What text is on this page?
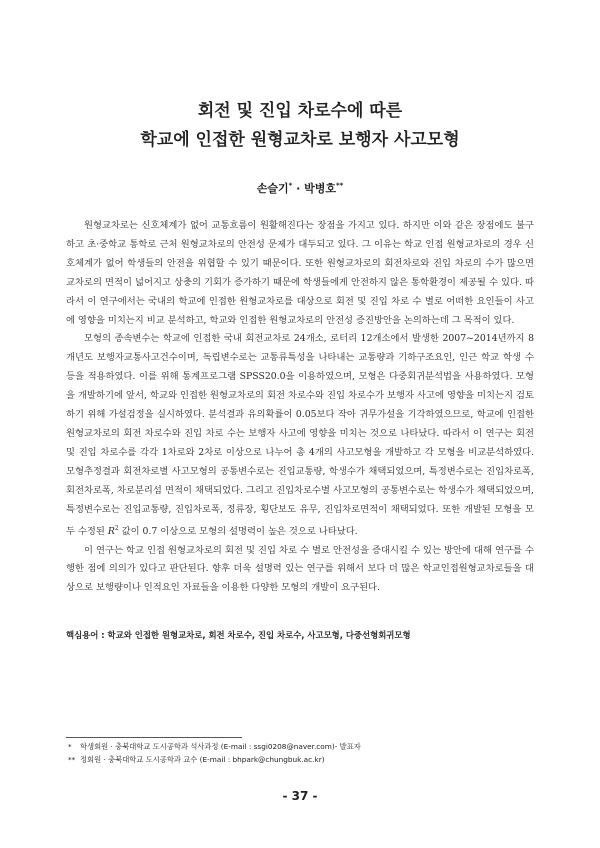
회전 및 진입 차로수에 따른
학교에 인접한 원형교차로 보행자 사고모형
손슬기* · 박병호**

원형교차로는 신호체계가 없어 교통흐름이 원활해진다는 장점을 가지고 있다. 하지만 이와 같은 장점에도 불구하고 초·중학교 통학로 근처 원형교차로의 안전성 문제가 대두되고 있다. 그 이유는 학교 인접 원형교차로의 경우 신호체계가 없어 학생들의 안전을 위협할 수 있기 때문이다. 또한 원형교차로의 회전차로와 진입 차로의 수가 많으면 교차로의 면적이 넓어지고 상충의 기회가 증가하기 때문에 학생들에게 안전하지 않은 통학환경이 제공될 수 있다. 따라서 이 연구에서는 국내의 학교에 인접한 원형교차로를 대상으로 회전 및 진입 차로 수 별로 어떠한 요인들이 사고에 영향을 미치는지 비교 분석하고, 학교와 인접한 원형교차로의 안전성 증진방안을 논의하는데 그 목적이 있다.

모형의 종속변수는 학교에 인접한 국내 회전교차로 24개소, 로터리 12개소에서 발생한 2007~2014년까지 8개년도 보행자교통사고건수이며, 독립변수로는 교통류특성을 나타내는 교통량과 기하구조요인, 인근 학교 학생 수 등을 적용하였다. 이를 위해 통계프로그램 SPSS20.0을 이용하였으며, 모형은 다중회귀분석법을 사용하였다. 모형을 개발하기에 앞서, 학교와 인접한 원형교차로의 회전 차로수와 진입 차로수가 보행자 사고에 영향을 미치는지 검토하기 위해 가설검정을 실시하였다. 분석결과 유의확률이 0.05보다 작아 귀무가설을 기각하였으므로, 학교에 인접한 원형교차로의 회전 차로수와 진입 차로 수는 보행자 사고에 영향을 미치는 것으로 나타났다. 따라서 이 연구는 회전 및 진입 차로수를 각각 1차로와 2차로 이상으로 나누어 총 4개의 사고모형을 개발하고 각 모형을 비교분석하였다. 모형추정결과 회전차로별 사고모형의 공통변수로는 진입교통량, 학생수가 채택되었으며, 특정변수로는 진입차로폭, 회전차로폭, 차로분리섬 면적이 채택되었다. 그리고 진입차로수별 사고모형의 공통변수로는 학생수가 채택되었으며, 특정변수로는 진입교통량, 진입차로폭, 정류장, 횡단보도 유무, 진입차로면적이 채택되었다. 또한 개발된 모형을 모두 수정된 $R^2$ 값이 0.7 이상으로 모형의 설명력이 높은 것으로 나타났다.

이 연구는 학교 인접 원형교차로의 회전 및 진입 차로 수 별로 안전성을 증대시킬 수 있는 방안에 대해 연구를 수행한 점에 의의가 있다고 판단된다. 향후 더욱 설명력 있는 연구를 위해서 보다 더 많은 학교인접원형교차로들을 대상으로 보행량이나 인적요인 자료들을 이용한 다양한 모형의 개발이 요구된다.

핵심용어 : 학교와 인접한 원형교차로, 회전 차로수, 진입 차로수, 사고모형, 다중선형회귀모형
* 학생회원 · 충북대학교 도시공학과 석사과정 (E-mail : ssgi0208@naver.com)- 발표자
** 정회원 · 충북대학교 도시공학과 교수 (E-mail : bhpark@chungbuk.ac.kr)
- 37 -
